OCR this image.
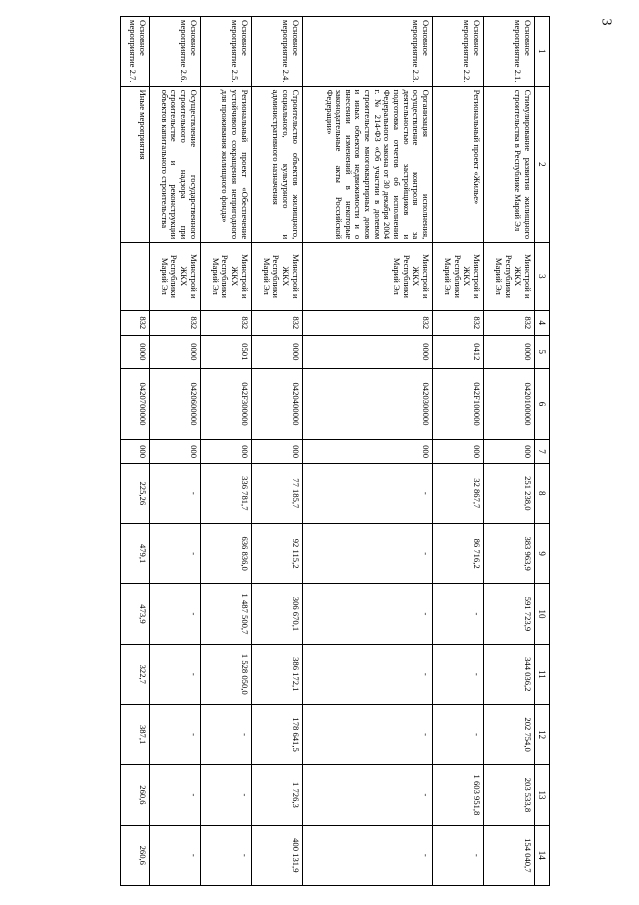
3
1	2	3	4	5	6	7	8	9	10	11	12	13	14
Основное мероприятие 2.1.	Стимулирование развития жилищного строительства в Республике Марий Эл	Минстрой и ЖКХ Республики Марий Эл	832	0000	0420100000	000	251 238,0	383 963,9	591 723,9	344 036,2	202 754,0	203 533,8	154 040,7
Основное мероприятие 2.2.	Региональный проект «Жилье»	Минстрой и ЖКХ Республики Марий Эл	832	0412	042F100000	000	32 867,7	86 716,2	-	-	-	1 603 951,8	-
Основное мероприятие 2.3.	Организация исполнения, осуществление контроля за деятельностью застройщиков и подготовка отчетов об исполнении Федерального закона от 30 декабря 2004 г. № 214-ФЗ «Об участии в долевом строительстве многоквартирных домов и иных объектов недвижимости и о внесении изменений в некоторые законодательные акты Российской Федерации»	Минстрой и ЖКХ Республики Марий Эл	832	0000	0420300000	000	-	-	-	-	-	-	-
Основное мероприятие 2.4.	Строительство объектов жилищного, социального, культурного и административного назначения	Минстрой и ЖКХ Республики Марий Эл	832	0000	0420400000	000	77 185,7	92 115,2	306 670,1	386 172,1	178 641,5	1 726,3	400 131,9
Основное мероприятие 2.5.	Региональный проект «Обеспечение устойчивого сокращения непригодного для проживания жилищного фонда»	Минстрой и ЖКХ Республики Марий Эл	832	0501	042F300000	000	336 781,7	636 836,0	1 487 500,7	1 528 050,0	-	-	-
Основное мероприятие 2.6.	Осуществление государственного строительного надзора при строительстве и реконструкции объектов капитального строительства	Минстрой и ЖКХ Республики Марий Эл	832	0000	0420600000	000	-	-	-	-	-	-	-
Основное мероприятие 2.7.	Иные мероприятия		832	0000	0420700000	000	225,26	479,1	473,9	322,7	387,1	260,6	260,6
